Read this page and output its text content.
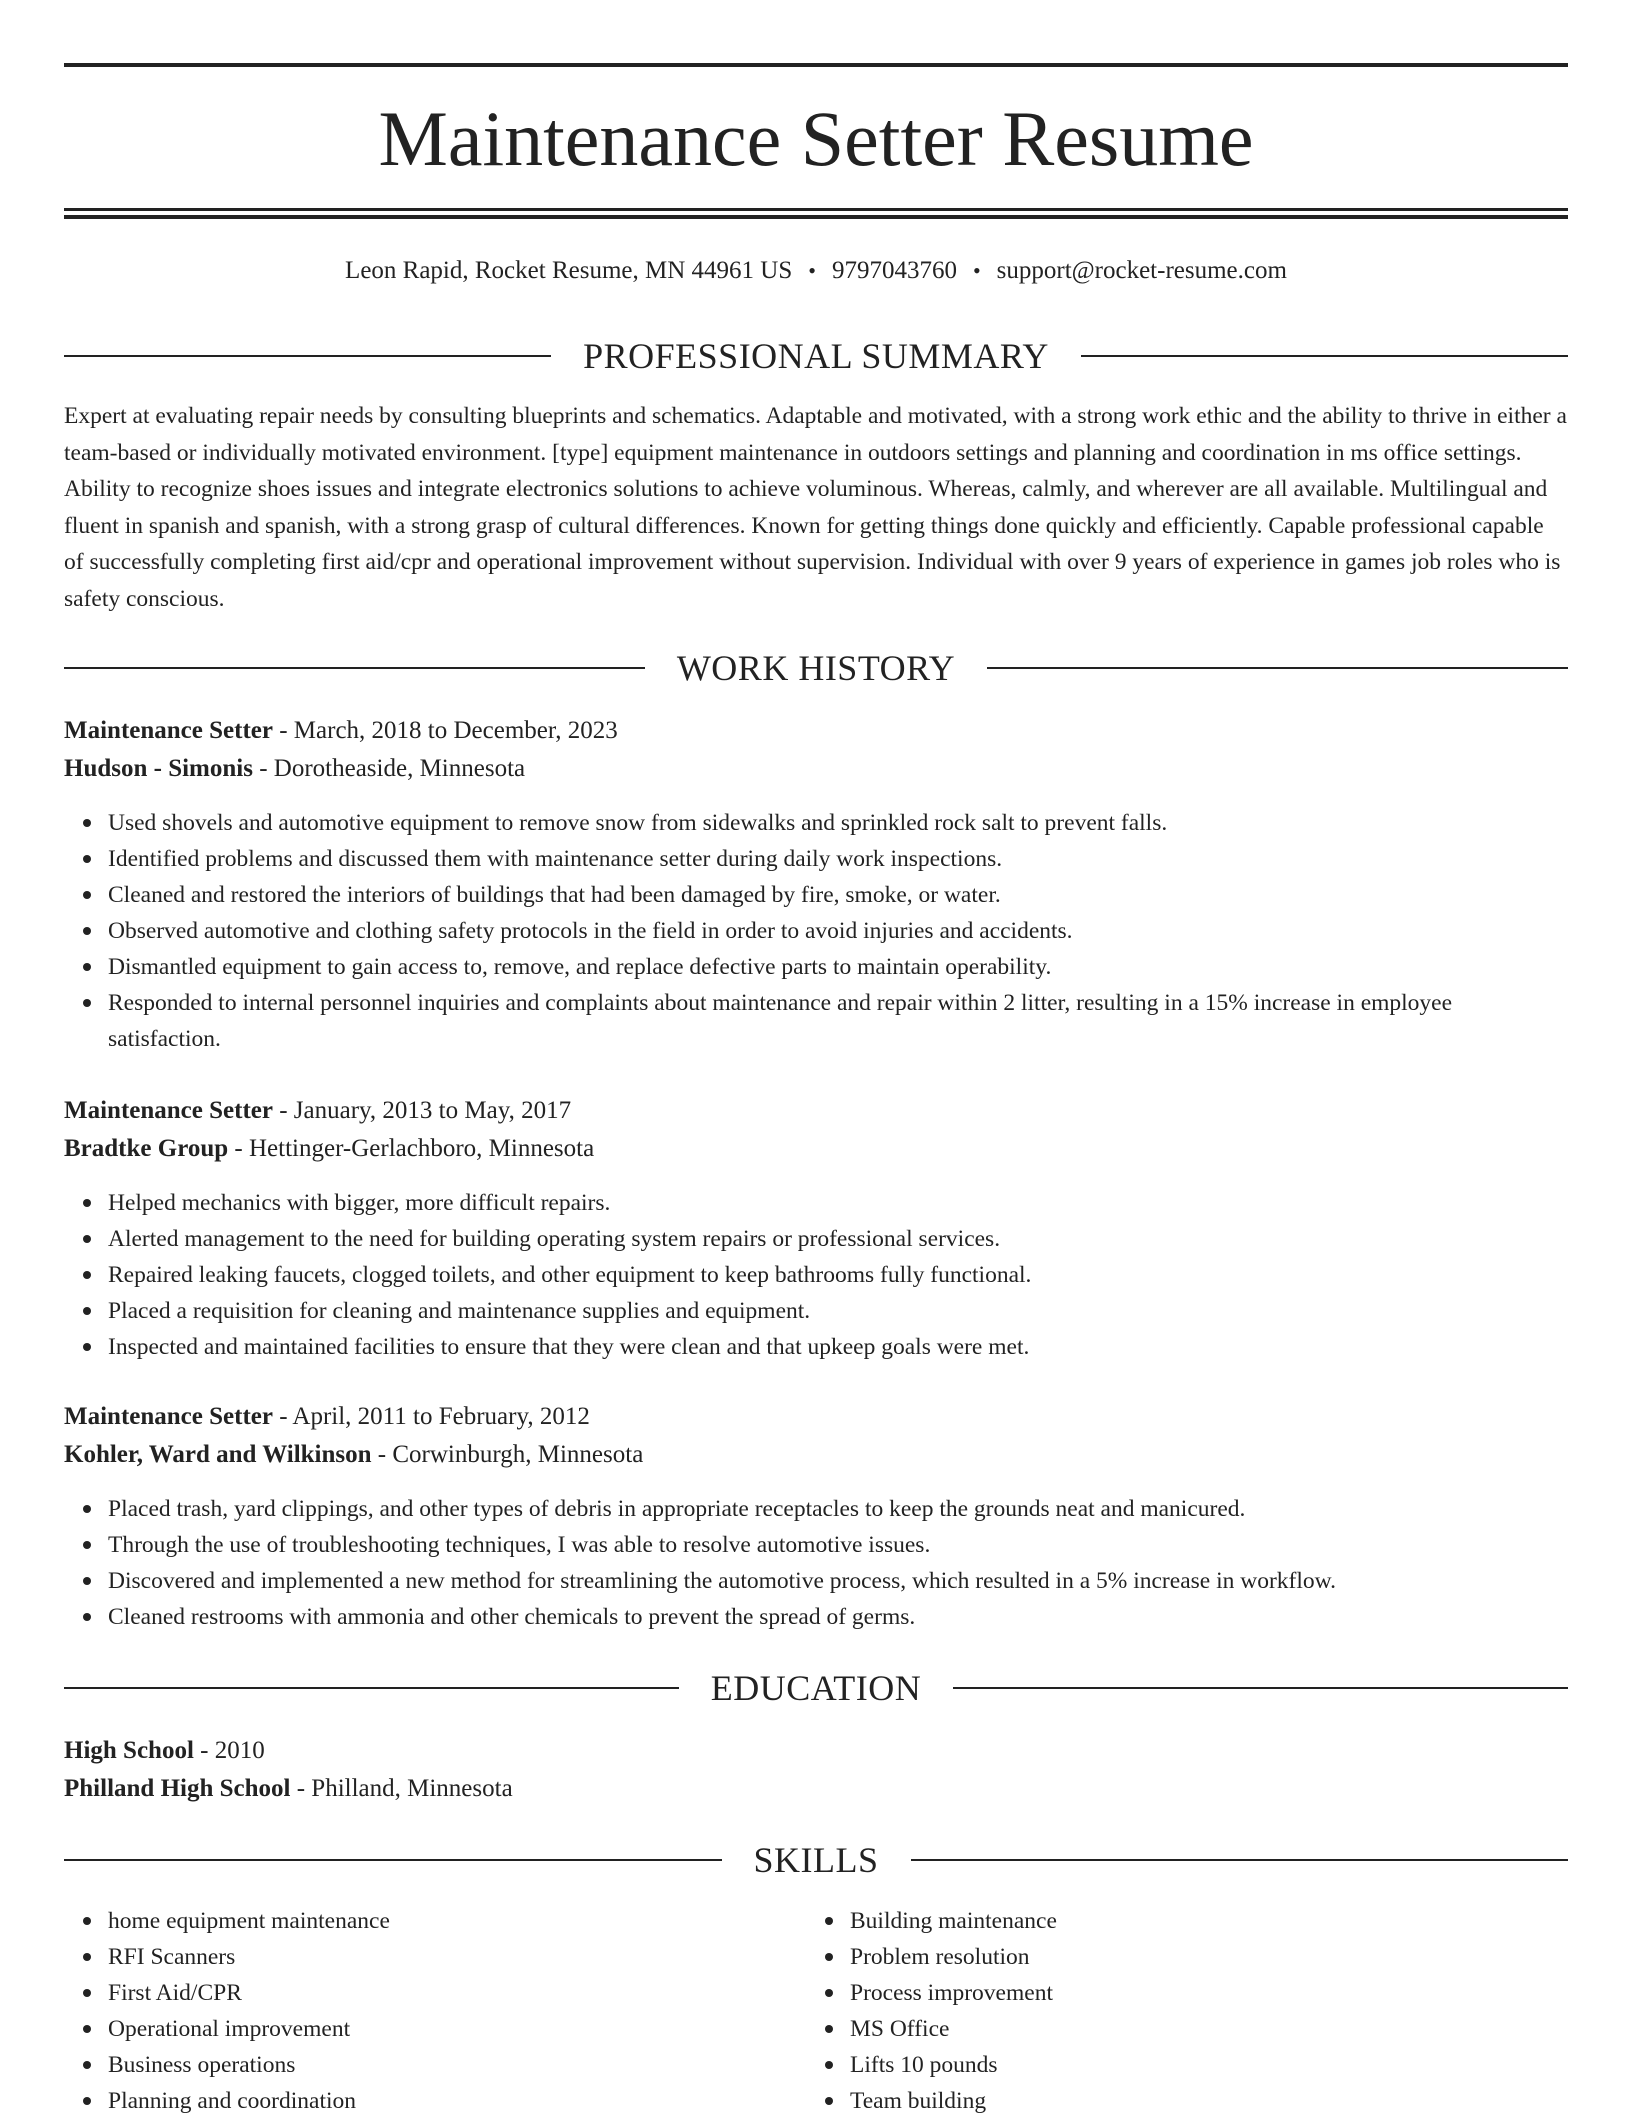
Maintenance Setter Resume
Leon Rapid, Rocket Resume, MN 44961 US • 9797043760 • support@rocket-resume.com
PROFESSIONAL SUMMARY
Expert at evaluating repair needs by consulting blueprints and schematics. Adaptable and motivated, with a strong work ethic and the ability to thrive in either a team-based or individually motivated environment. [type] equipment maintenance in outdoors settings and planning and coordination in ms office settings. Ability to recognize shoes issues and integrate electronics solutions to achieve voluminous. Whereas, calmly, and wherever are all available. Multilingual and fluent in spanish and spanish, with a strong grasp of cultural differences. Known for getting things done quickly and efficiently. Capable professional capable of successfully completing first aid/cpr and operational improvement without supervision. Individual with over 9 years of experience in games job roles who is safety conscious.
WORK HISTORY
Maintenance Setter - March, 2018 to December, 2023
Hudson - Simonis - Dorotheaside, Minnesota
Used shovels and automotive equipment to remove snow from sidewalks and sprinkled rock salt to prevent falls.
Identified problems and discussed them with maintenance setter during daily work inspections.
Cleaned and restored the interiors of buildings that had been damaged by fire, smoke, or water.
Observed automotive and clothing safety protocols in the field in order to avoid injuries and accidents.
Dismantled equipment to gain access to, remove, and replace defective parts to maintain operability.
Responded to internal personnel inquiries and complaints about maintenance and repair within 2 litter, resulting in a 15% increase in employee satisfaction.
Maintenance Setter - January, 2013 to May, 2017
Bradtke Group - Hettinger-Gerlachboro, Minnesota
Helped mechanics with bigger, more difficult repairs.
Alerted management to the need for building operating system repairs or professional services.
Repaired leaking faucets, clogged toilets, and other equipment to keep bathrooms fully functional.
Placed a requisition for cleaning and maintenance supplies and equipment.
Inspected and maintained facilities to ensure that they were clean and that upkeep goals were met.
Maintenance Setter - April, 2011 to February, 2012
Kohler, Ward and Wilkinson - Corwinburgh, Minnesota
Placed trash, yard clippings, and other types of debris in appropriate receptacles to keep the grounds neat and manicured.
Through the use of troubleshooting techniques, I was able to resolve automotive issues.
Discovered and implemented a new method for streamlining the automotive process, which resulted in a 5% increase in workflow.
Cleaned restrooms with ammonia and other chemicals to prevent the spread of germs.
EDUCATION
High School - 2010
Philland High School - Philland, Minnesota
SKILLS
home equipment maintenance
RFI Scanners
First Aid/CPR
Operational improvement
Business operations
Planning and coordination
Building maintenance
Problem resolution
Process improvement
MS Office
Lifts 10 pounds
Team building
